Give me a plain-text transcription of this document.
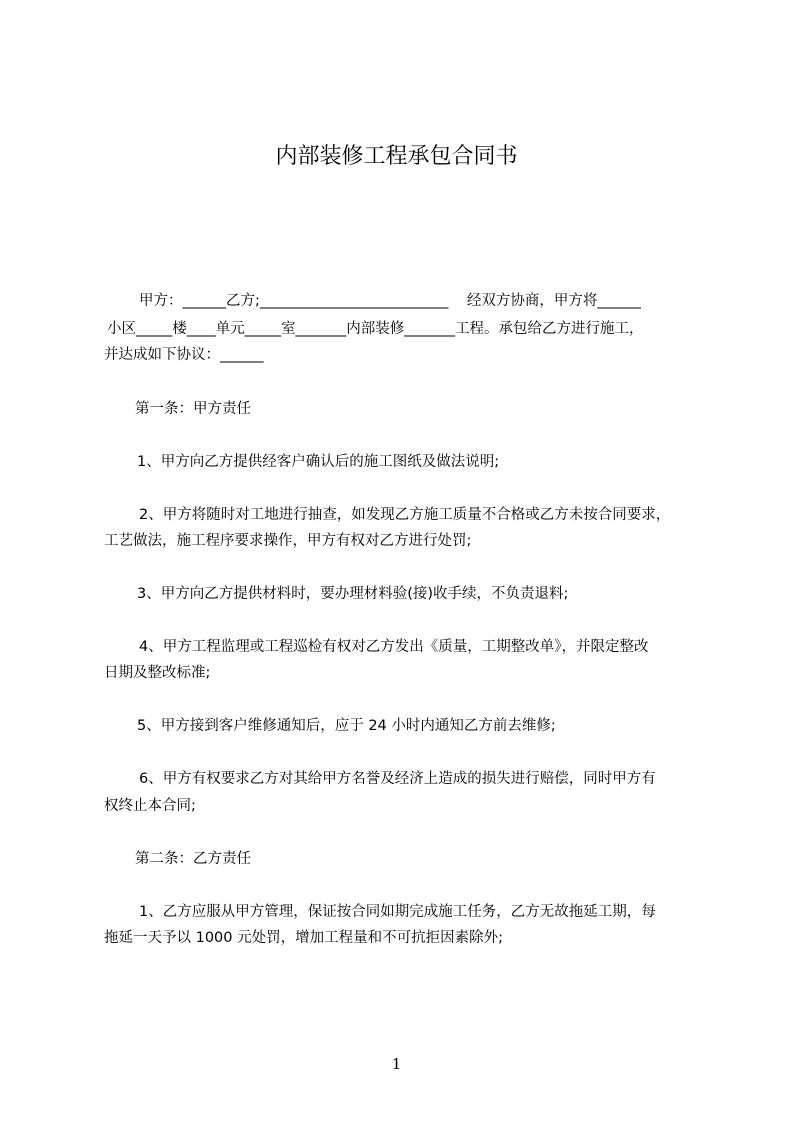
内部装修工程承包合同书
甲方：______乙方;__________________________    经双方协商，甲方将______
小区_____楼____单元_____室_______内部装修_______工程。承包给乙方进行施工，
并达成如下协议：______
第一条：甲方责任
1、甲方向乙方提供经客户确认后的施工图纸及做法说明;
2、甲方将随时对工地进行抽查，如发现乙方施工质量不合格或乙方未按合同要求，
工艺做法，施工程序要求操作，甲方有权对乙方进行处罚;
3、甲方向乙方提供材料时，要办理材料验(接)收手续，不负责退料;
4、甲方工程监理或工程巡检有权对乙方发出《质量，工期整改单》，并限定整改
日期及整改标准;
5、甲方接到客户维修通知后，应于 24 小时内通知乙方前去维修;
6、甲方有权要求乙方对其给甲方名誉及经济上造成的损失进行赔偿，同时甲方有
权终止本合同;
第二条：乙方责任
1、乙方应服从甲方管理，保证按合同如期完成施工任务，乙方无故拖延工期，每
拖延一天予以 1000 元处罚，增加工程量和不可抗拒因素除外;
1
